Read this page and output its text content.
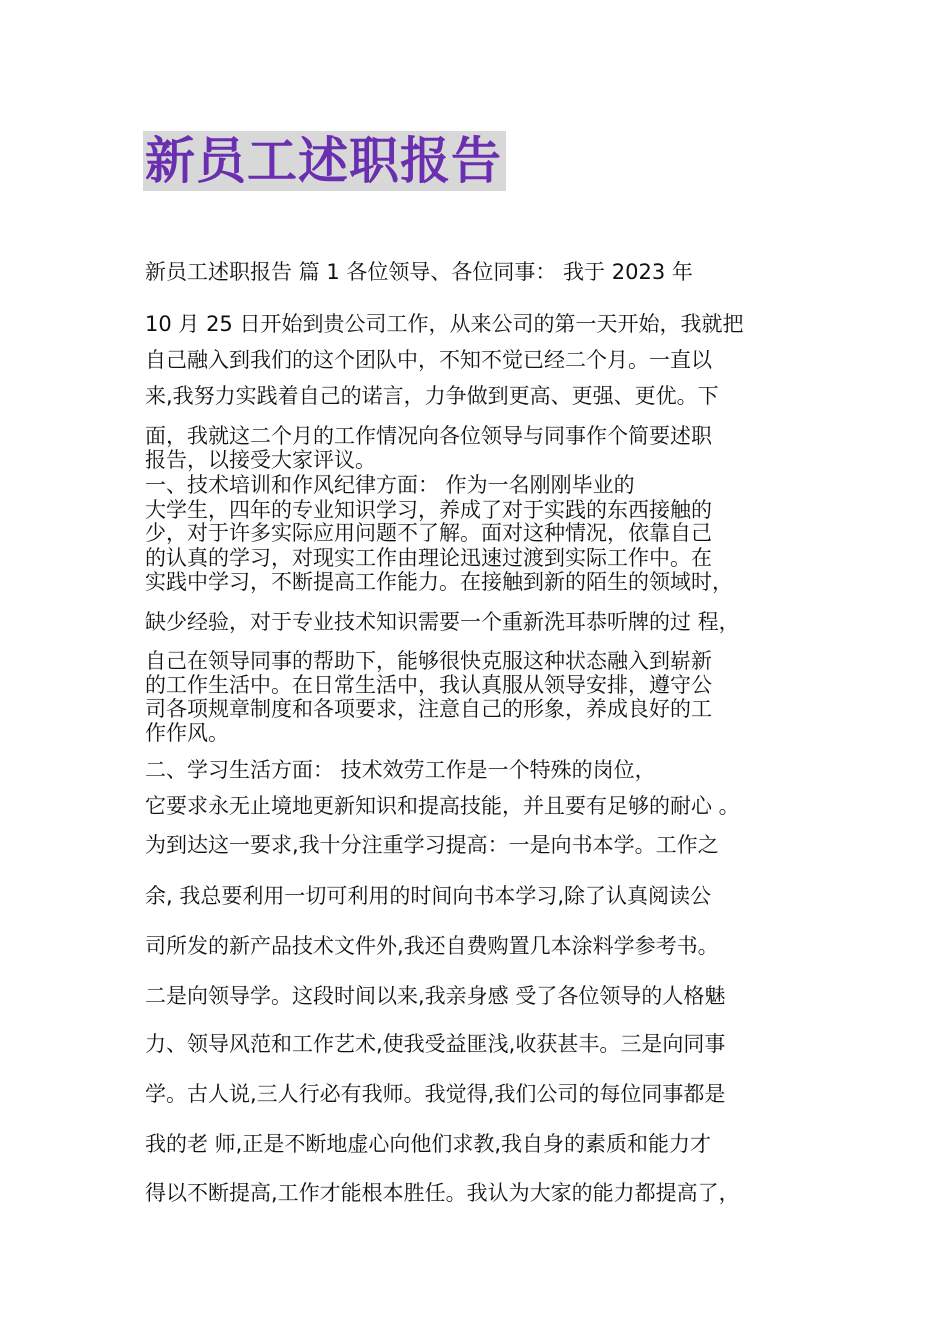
新员工述职报告
新员工述职报告 篇 1 各位领导、各位同事： 我于 2023 年
10 月 25 日开始到贵公司工作，从来公司的第一天开始，我就把
自己融入到我们的这个团队中，不知不觉已经二个月。一直以
来,我努力实践着自己的诺言，力争做到更高、更强、更优。下
面，我就这二个月的工作情况向各位领导与同事作个简要述职
报告，以接受大家评议。
一、技术培训和作风纪律方面： 作为一名刚刚毕业的
大学生，四年的专业知识学习，养成了对于实践的东西接触的
少，对于许多实际应用问题不了解。面对这种情况，依靠自己
的认真的学习，对现实工作由理论迅速过渡到实际工作中。在
实践中学习，不断提高工作能力。在接触到新的陌生的领域时，
缺少经验，对于专业技术知识需要一个重新洗耳恭听牌的过 程，
自己在领导同事的帮助下，能够很快克服这种状态融入到崭新
的工作生活中。在日常生活中，我认真服从领导安排，遵守公
司各项规章制度和各项要求，注意自己的形象，养成良好的工
作作风。
二、学习生活方面： 技术效劳工作是一个特殊的岗位，
它要求永无止境地更新知识和提高技能，并且要有足够的耐心 。
为到达这一要求,我十分注重学习提高：一是向书本学。工作之
余, 我总要利用一切可利用的时间向书本学习,除了认真阅读公
司所发的新产品技术文件外,我还自费购置几本涂料学参考书。
二是向领导学。这段时间以来,我亲身感 受了各位领导的人格魅
力、领导风范和工作艺术,使我受益匪浅,收获甚丰。三是向同事
学。古人说,三人行必有我师。我觉得,我们公司的每位同事都是
我的老 师,正是不断地虚心向他们求教,我自身的素质和能力才
得以不断提高,工作才能根本胜任。我认为大家的能力都提高了，
